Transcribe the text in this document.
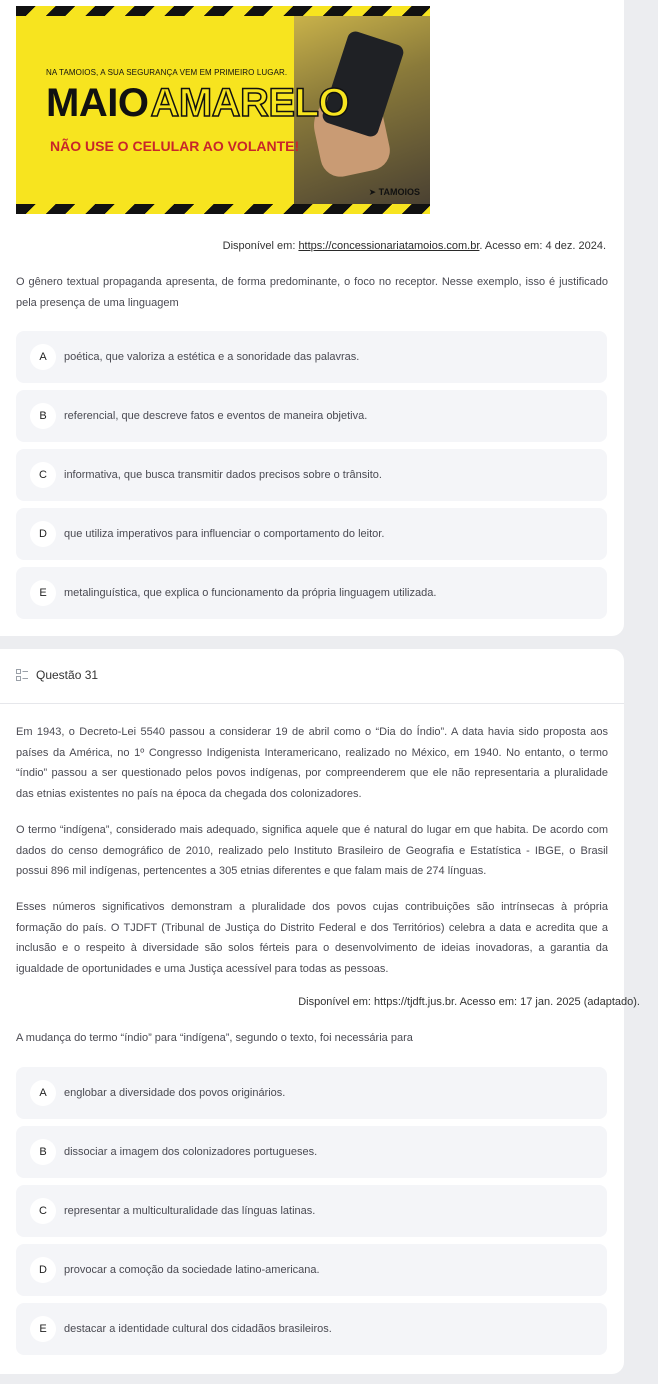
NA TAMOIOS, A SUA SEGURANÇA VEM EM PRIMEIRO LUGAR.
MAIOAMARELO
NÃO USE O CELULAR AO VOLANTE!
➤ TAMOIOS
Disponível em: https://concessionariatamoios.com.br. Acesso em: 4 dez. 2024.

O gênero textual propaganda apresenta, de forma predominante, o foco no receptor. Nesse exemplo, isso é justificado pela presença de uma linguagem

A	poética, que valoriza a estética e a sonoridade das palavras.
B	referencial, que descreve fatos e eventos de maneira objetiva.
C	informativa, que busca transmitir dados precisos sobre o trânsito.
D	que utiliza imperativos para influenciar o comportamento do leitor.
E	metalinguística, que explica o funcionamento da própria linguagem utilizada.
Questão 31

Em 1943, o Decreto-Lei 5540 passou a considerar 19 de abril como o “Dia do Índio”. A data havia sido proposta aos países da América, no 1º Congresso Indigenista Interamericano, realizado no México, em 1940. No entanto, o termo “índio” passou a ser questionado pelos povos indígenas, por compreenderem que ele não representaria a pluralidade das etnias existentes no país na época da chegada dos colonizadores.

O termo “indígena”, considerado mais adequado, significa aquele que é natural do lugar em que habita. De acordo com dados do censo demográfico de 2010, realizado pelo Instituto Brasileiro de Geografia e Estatística - IBGE, o Brasil possui 896 mil indígenas, pertencentes a 305 etnias diferentes e que falam mais de 274 línguas.

Esses números significativos demonstram a pluralidade dos povos cujas contribuições são intrínsecas à própria formação do país. O TJDFT (Tribunal de Justiça do Distrito Federal e dos Territórios) celebra a data e acredita que a inclusão e o respeito à diversidade são solos férteis para o desenvolvimento de ideias inovadoras, a garantia da igualdade de oportunidades e uma Justiça acessível para todas as pessoas.

Disponível em: https://tjdft.jus.br. Acesso em: 17 jan. 2025 (adaptado).

A mudança do termo “índio” para “indígena”, segundo o texto, foi necessária para

A	englobar a diversidade dos povos originários.
B	dissociar a imagem dos colonizadores portugueses.
C	representar a multiculturalidade das línguas latinas.
D	provocar a comoção da sociedade latino-americana.
E	destacar a identidade cultural dos cidadãos brasileiros.
